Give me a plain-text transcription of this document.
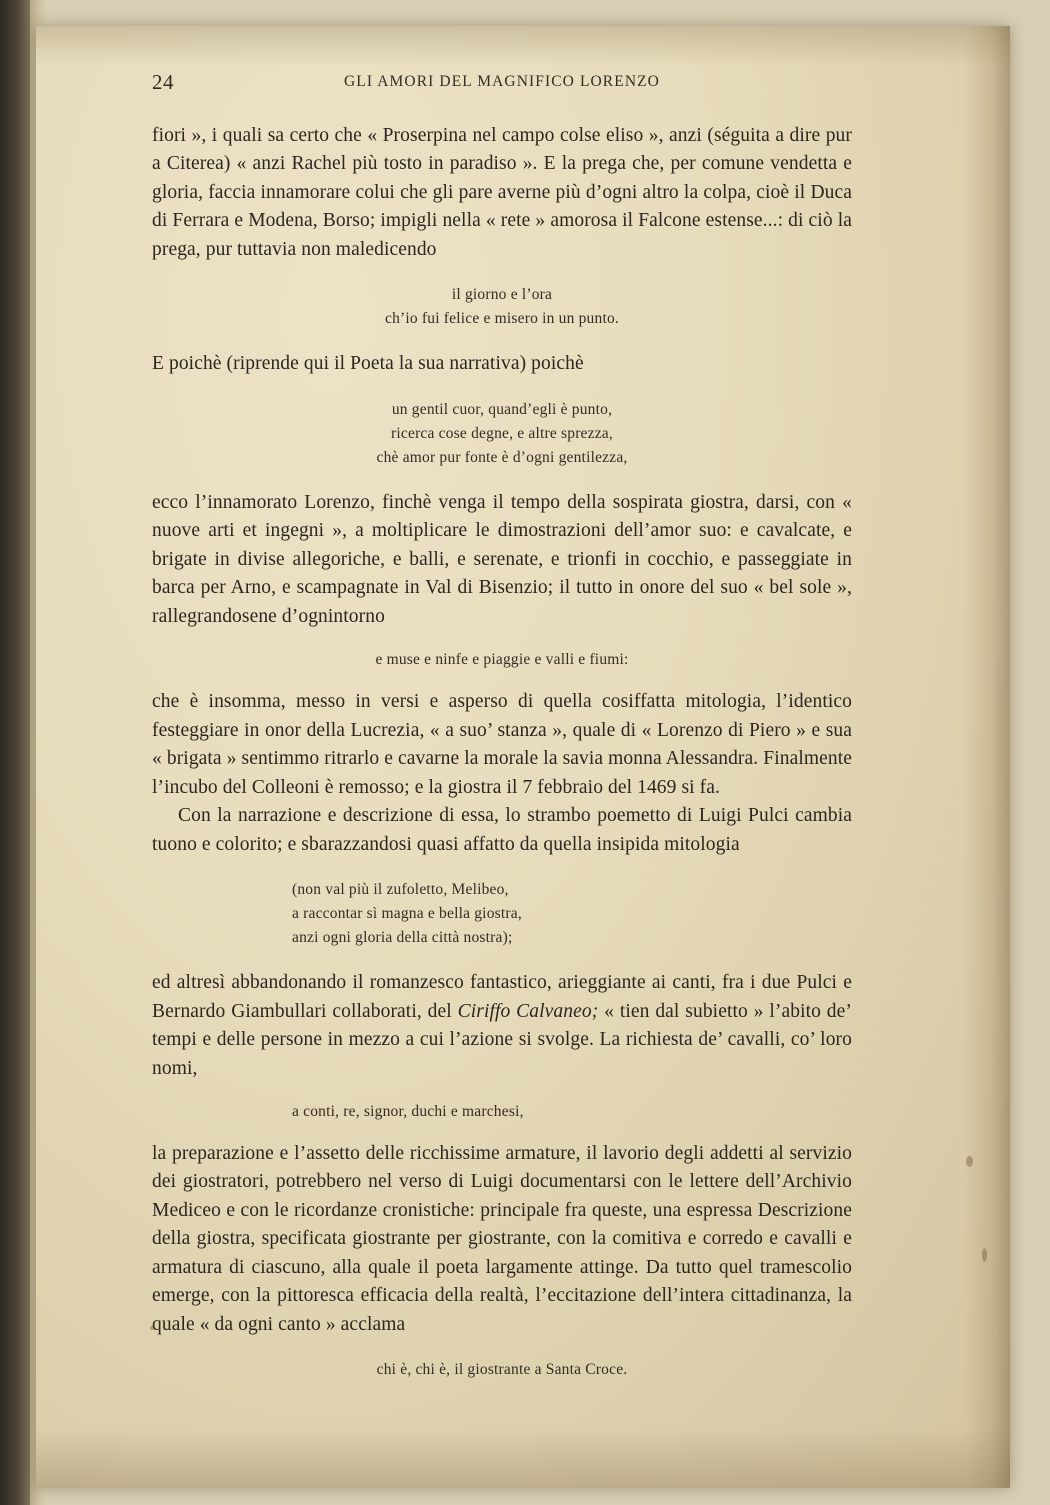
24	GLI AMORI DEL MAGNIFICO LORENZO

fiori », i quali sa certo che « Proserpina nel campo colse eliso », anzi (séguita a dire pur a Citerea) « anzi Rachel più tosto in paradiso ». E la prega che, per comune vendetta e gloria, faccia innamorare colui che gli pare averne più d’ogni altro la colpa, cioè il Duca di Ferrara e Modena, Borso; impigli nella « rete » amorosa il Falcone estense...: di ciò la prega, pur tuttavia non maledicendo

il giorno e l’ora
ch’io fui felice e misero in un punto.

E poichè (riprende qui il Poeta la sua narrativa) poichè

un gentil cuor, quand’egli è punto,
ricerca cose degne, e altre sprezza,
chè amor pur fonte è d’ogni gentilezza,

ecco l’innamorato Lorenzo, finchè venga il tempo della sospirata giostra, darsi, con « nuove arti et ingegni », a moltiplicare le dimostrazioni dell’amor suo: e cavalcate, e brigate in divise allegoriche, e balli, e serenate, e trionfi in cocchio, e passeggiate in barca per Arno, e scampagnate in Val di Bisenzio; il tutto in onore del suo « bel sole », rallegrandosene d’ognintorno

e muse e ninfe e piaggie e valli e fiumi:

che è insomma, messo in versi e asperso di quella cosiffatta mitologia, l’identico festeggiare in onor della Lucrezia, « a suo’ stanza », quale di « Lorenzo di Piero » e sua « brigata » sentimmo ritrarlo e cavarne la morale la savia monna Alessandra. Finalmente l’incubo del Colleoni è remosso; e la giostra il 7 febbraio del 1469 si fa.

Con la narrazione e descrizione di essa, lo strambo poemetto di Luigi Pulci cambia tuono e colorito; e sbarazzandosi quasi affatto da quella insipida mitologia

(non val più il zufoletto, Melibeo,
a raccontar sì magna e bella giostra,
anzi ogni gloria della città nostra);

ed altresì abbandonando il romanzesco fantastico, arieggiante ai canti, fra i due Pulci e Bernardo Giambullari collaborati, del Ciriffo Calvaneo; « tien dal subietto » l’abito de’ tempi e delle persone in mezzo a cui l’azione si svolge. La richiesta de’ cavalli, co’ loro nomi,

a conti, re, signor, duchi e marchesi,

la preparazione e l’assetto delle ricchissime armature, il lavorio degli addetti al servizio dei giostratori, potrebbero nel verso di Luigi documentarsi con le lettere dell’Archivio Mediceo e con le ricordanze cronistiche: principale fra queste, una espressa Descrizione della giostra, specificata giostrante per giostrante, con la comitiva e corredo e cavalli e armatura di ciascuno, alla quale il poeta largamente attinge. Da tutto quel tramescolio emerge, con la pittoresca efficacia della realtà, l’eccitazione dell’intera cittadinanza, la quale « da ogni canto » acclama

chi è, chi è, il giostrante a Santa Croce.
